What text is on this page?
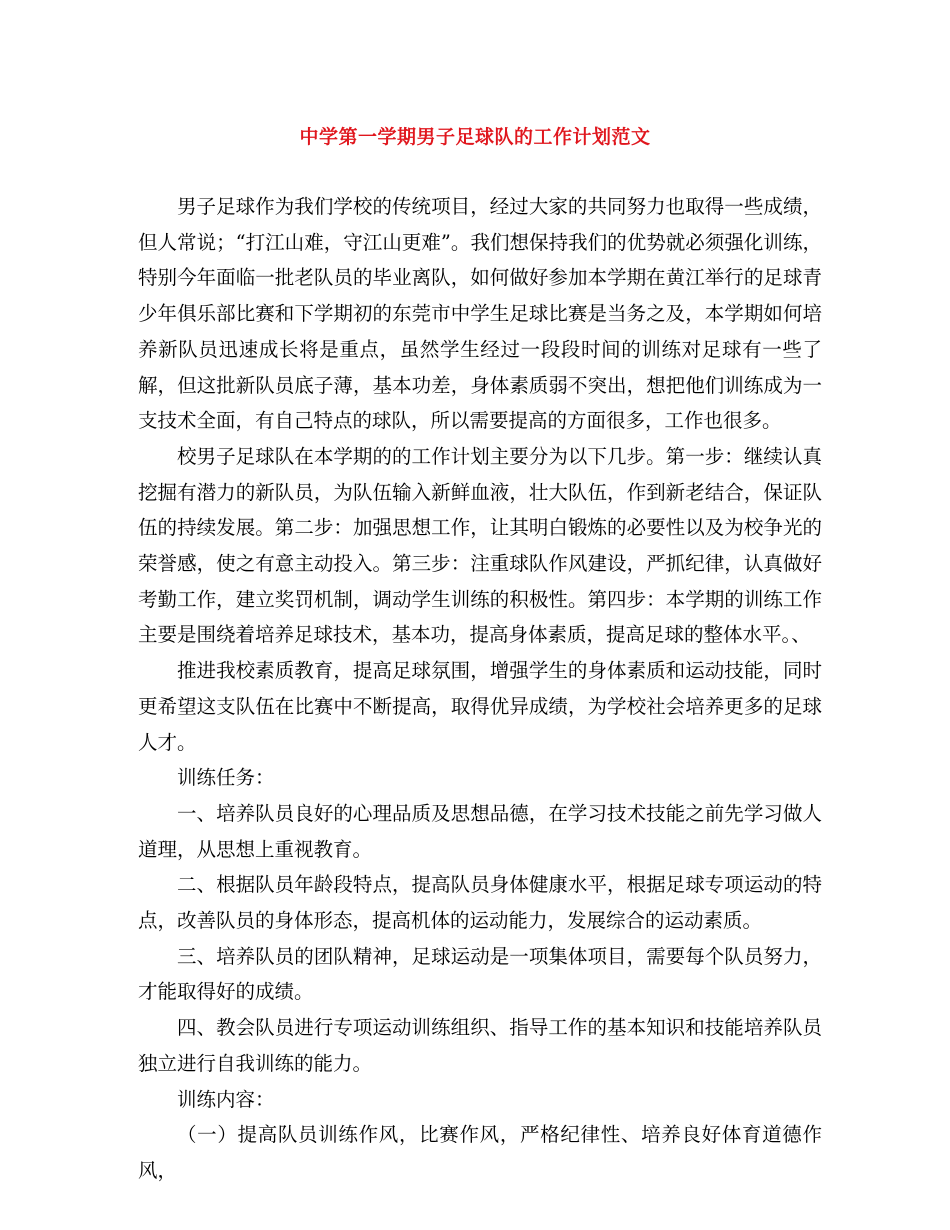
中学第一学期男子足球队的工作计划范文

男子足球作为我们学校的传统项目，经过大家的共同努力也取得一些成绩，但人常说；“打江山难，守江山更难”。我们想保持我们的优势就必须强化训练，特别今年面临一批老队员的毕业离队，如何做好参加本学期在黄江举行的足球青少年俱乐部比赛和下学期初的东莞市中学生足球比赛是当务之及，本学期如何培养新队员迅速成长将是重点，虽然学生经过一段段时间的训练对足球有一些了解，但这批新队员底子薄，基本功差，身体素质弱不突出，想把他们训练成为一支技术全面，有自己特点的球队，所以需要提高的方面很多，工作也很多。

校男子足球队在本学期的的工作计划主要分为以下几步。第一步：继续认真挖掘有潜力的新队员，为队伍输入新鲜血液，壮大队伍，作到新老结合，保证队伍的持续发展。第二步：加强思想工作，让其明白锻炼的必要性以及为校争光的荣誉感，使之有意主动投入。第三步：注重球队作风建设，严抓纪律，认真做好考勤工作，建立奖罚机制，调动学生训练的积极性。第四步：本学期的训练工作主要是围绕着培养足球技术，基本功，提高身体素质，提高足球的整体水平。、

推进我校素质教育，提高足球氛围，增强学生的身体素质和运动技能，同时更希望这支队伍在比赛中不断提高，取得优异成绩，为学校社会培养更多的足球人才。

训练任务：

一、培养队员良好的心理品质及思想品德，在学习技术技能之前先学习做人道理，从思想上重视教育。

二、根据队员年龄段特点，提高队员身体健康水平，根据足球专项运动的特点，改善队员的身体形态，提高机体的运动能力，发展综合的运动素质。

三、培养队员的团队精神，足球运动是一项集体项目，需要每个队员努力，才能取得好的成绩。

四、教会队员进行专项运动训练组织、指导工作的基本知识和技能培养队员独立进行自我训练的能力。

训练内容：

（一）提高队员训练作风，比赛作风，严格纪律性、培养良好体育道德作风，
